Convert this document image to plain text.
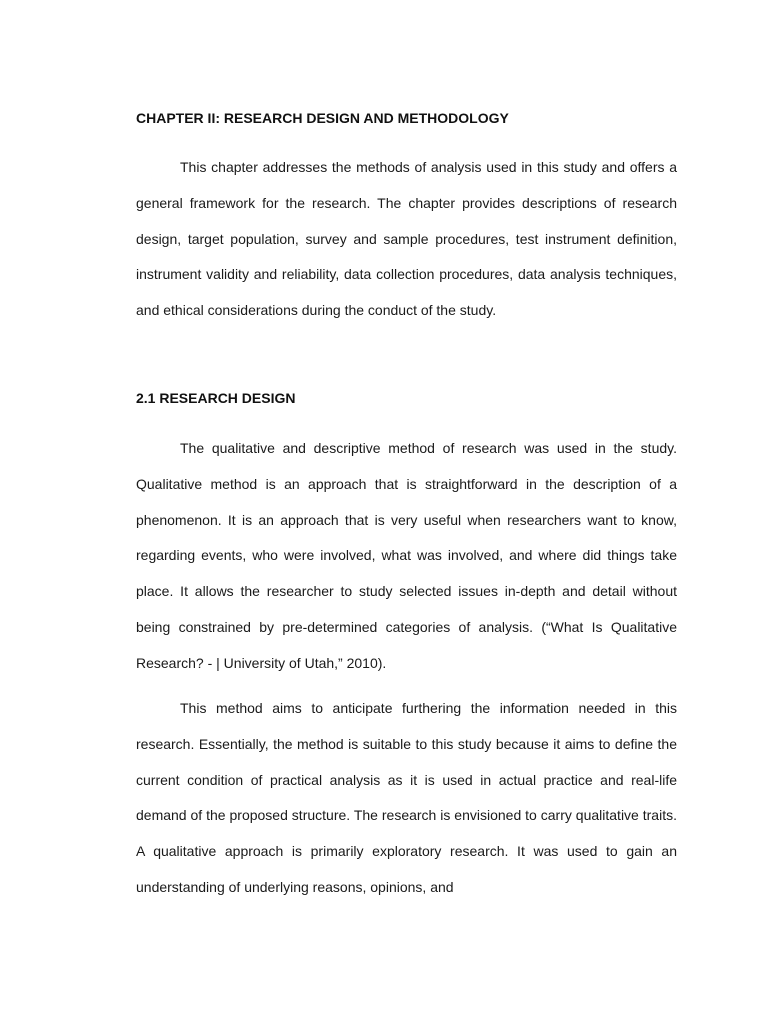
CHAPTER II: RESEARCH DESIGN AND METHODOLOGY

This chapter addresses the methods of analysis used in this study and offers a general framework for the research. The chapter provides descriptions of research design, target population, survey and sample procedures, test instrument definition, instrument validity and reliability, data collection procedures, data analysis techniques, and ethical considerations during the conduct of the study.

2.1 RESEARCH DESIGN

The qualitative and descriptive method of research was used in the study. Qualitative method is an approach that is straightforward in the description of a phenomenon. It is an approach that is very useful when researchers want to know, regarding events, who were involved, what was involved, and where did things take place. It allows the researcher to study selected issues in-depth and detail without being constrained by pre-determined categories of analysis. (“What Is Qualitative Research? - | University of Utah,” 2010).

This method aims to anticipate furthering the information needed in this research. Essentially, the method is suitable to this study because it aims to define the current condition of practical analysis as it is used in actual practice and real-life demand of the proposed structure. The research is envisioned to carry qualitative traits. A qualitative approach is primarily exploratory research. It was used to gain an understanding of underlying reasons, opinions, and
